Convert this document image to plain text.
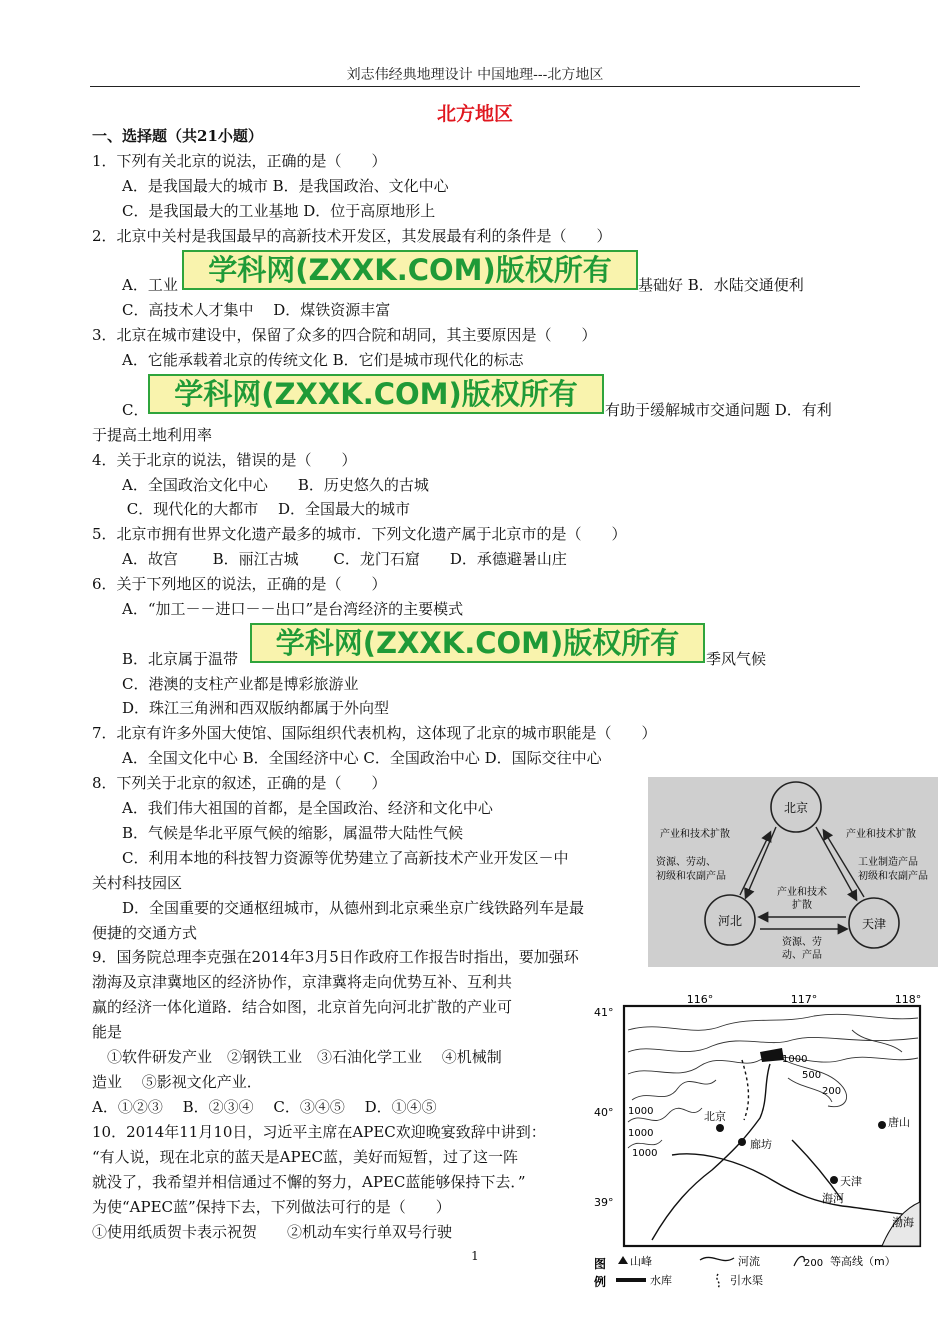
刘志伟经典地理设计 中国地理---北方地区
北方地区
一、选择题（共21小题）
1．下列有关北京的说法，正确的是（　　）
　　A．是我国最大的城市 B．是我国政治、文化中心
　　C．是我国最大的工业基地 D．位于高原地形上
2．北京中关村是我国最早的高新技术开发区，其发展最有利的条件是（　　）
　　A．工业	基础好 B．水陆交通便利
　　C．高技术人才集中　 D．煤铁资源丰富
3．北京在城市建设中，保留了众多的四合院和胡同，其主要原因是（　　）
　　A．它能承载着北京的传统文化 B．它们是城市现代化的标志
　　C．	有助于缓解城市交通问题 D．有利
于提高土地利用率
4．关于北京的说法，错误的是（　　）
　　A．全国政治文化中心　　B．历史悠久的古城
　　 C．现代化的大都市　 D．全国最大的城市
5．北京市拥有世界文化遗产最多的城市．下列文化遗产属于北京市的是（　　）
　　A．故宫　　 B．丽江古城　　 C．龙门石窟　　D．承德避暑山庄
6．关于下列地区的说法，正确的是（　　）
　　A．“加工－－进口－－出口”是台湾经济的主要模式
　　B．北京属于温带	季风气候
　　C．港澳的支柱产业都是博彩旅游业
　　D．珠江三角洲和西双版纳都属于外向型
7．北京有许多外国大使馆、国际组织代表机构，这体现了北京的城市职能是（　　）
　　A．全国文化中心 B．全国经济中心 C．全国政治中心 D．国际交往中心
8．下列关于北京的叙述，正确的是（　　）
　　A．我们伟大祖国的首都，是全国政治、经济和文化中心
　　B．气候是华北平原气候的缩影，属温带大陆性气候
　　C．利用本地的科技智力资源等优势建立了高新技术产业开发区－中
关村科技园区
　　D．全国重要的交通枢纽城市，从德州到北京乘坐京广线铁路列车是最
便捷的交通方式
9．国务院总理李克强在2014年3月5日作政府工作报告时指出，要加强环
渤海及京津冀地区的经济协作，京津冀将走向优势互补、互利共
赢的经济一体化道路．结合如图，北京首先向河北扩散的产业可
能是
　①软件研发产业　②钢铁工业　③石油化学工业　 ④机械制
造业　 ⑤影视文化产业．
A．①②③　 B．②③④　 C．③④⑤　 D．①④⑤
10．2014年11月10日，习近平主席在APEC欢迎晚宴致辞中讲到：
“有人说，现在北京的蓝天是APEC蓝，美好而短暂，过了这一阵
就没了，我希望并相信通过不懈的努力，APEC蓝能够保持下去．”
为使“APEC蓝”保持下去，下列做法可行的是（　　）
①使用纸质贺卡表示祝贺　　②机动车实行单双号行驶
学科网(ZXXK.COM)版权所有
学科网(ZXXK.COM)版权所有
学科网(ZXXK.COM)版权所有
北京
河北	天津
产业和技术扩散	产业和技术扩散
资源、劳动、
初级和农副产品
工业制造产品
初级和农副产品
产业和技术
扩散
资源、劳
动、产品
116°	117°	118°
41°
40°
39°
1000
500
200
1000
1000
1000
北京
廊坊
天津
唐山
海河
渤海
图
例
山峰	河流	200 等高线（m）
水库	引水渠
1
